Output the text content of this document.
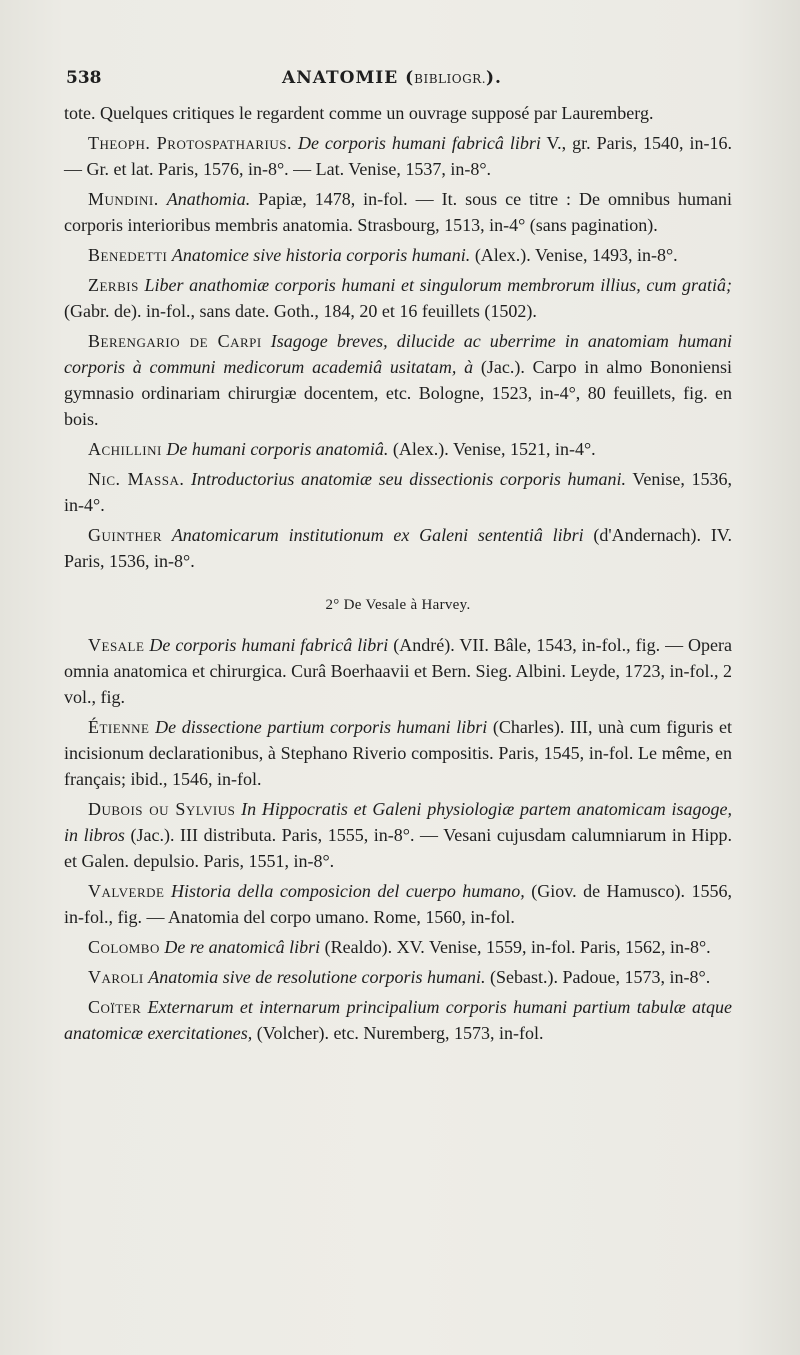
538	ANATOMIE (BIBLIOGR.).

tote. Quelques critiques le regardent comme un ouvrage supposé par Lauremberg.

Theoph. Protospatharius. De corporis humani fabricâ libri V., gr. Paris, 1540, in-16. — Gr. et lat. Paris, 1576, in-8°. — Lat. Venise, 1537, in-8°.

Mundini. Anathomia. Papiæ, 1478, in-fol. — It. sous ce titre : De omnibus humani corporis interioribus membris anatomia. Strasbourg, 1513, in-4° (sans pagination).

Benedetti Anatomice sive historia corporis humani. (Alex.). Venise, 1493, in-8°.

Zerbis Liber anathomiæ corporis humani et singulorum membrorum illius, cum gratiâ; (Gabr. de). in-fol., sans date. Goth., 184, 20 et 16 feuillets (1502).

Berengario de Carpi Isagoge breves, dilucide ac uberrime in anatomiam humani corporis à communi medicorum academiâ usitatam, à (Jac.). Carpo in almo Bononiensi gymnasio ordinariam chirurgiæ docentem, etc. Bologne, 1523, in-4°, 80 feuillets, fig. en bois.

Achillini De humani corporis anatomiâ. (Alex.). Venise, 1521, in-4°.

Nic. Massa. Introductorius anatomiæ seu dissectionis corporis humani. Venise, 1536, in-4°.

Guinther Anatomicarum institutionum ex Galeni sententiâ libri (d'Andernach). IV. Paris, 1536, in-8°.

2° De Vesale à Harvey.

Vesale De corporis humani fabricâ libri (André). VII. Bâle, 1543, in-fol., fig. — Opera omnia anatomica et chirurgica. Curâ Boerhaavii et Bern. Sieg. Albini. Leyde, 1723, in-fol., 2 vol., fig.

Étienne De dissectione partium corporis humani libri (Charles). III, unà cum figuris et incisionum declarationibus, à Stephano Riverio compositis. Paris, 1545, in-fol. Le même, en français; ibid., 1546, in-fol.

Dubois ou Sylvius In Hippocratis et Galeni physiologiæ partem anatomicam isagoge, in libros (Jac.). III distributa. Paris, 1555, in-8°. — Vesani cujusdam calumniarum in Hipp. et Galen. depulsio. Paris, 1551, in-8°.

Valverde Historia della composicion del cuerpo humano, (Giov. de Hamusco). 1556, in-fol., fig. — Anatomia del corpo umano. Rome, 1560, in-fol.

Colombo De re anatomicâ libri (Realdo). XV. Venise, 1559, in-fol. Paris, 1562, in-8°.

Varoli Anatomia sive de resolutione corporis humani. (Sebast.). Padoue, 1573, in-8°.

Coïter Externarum et internarum principalium corporis humani partium tabulæ atque anatomicæ exercitationes, (Volcher). etc. Nuremberg, 1573, in-fol.
